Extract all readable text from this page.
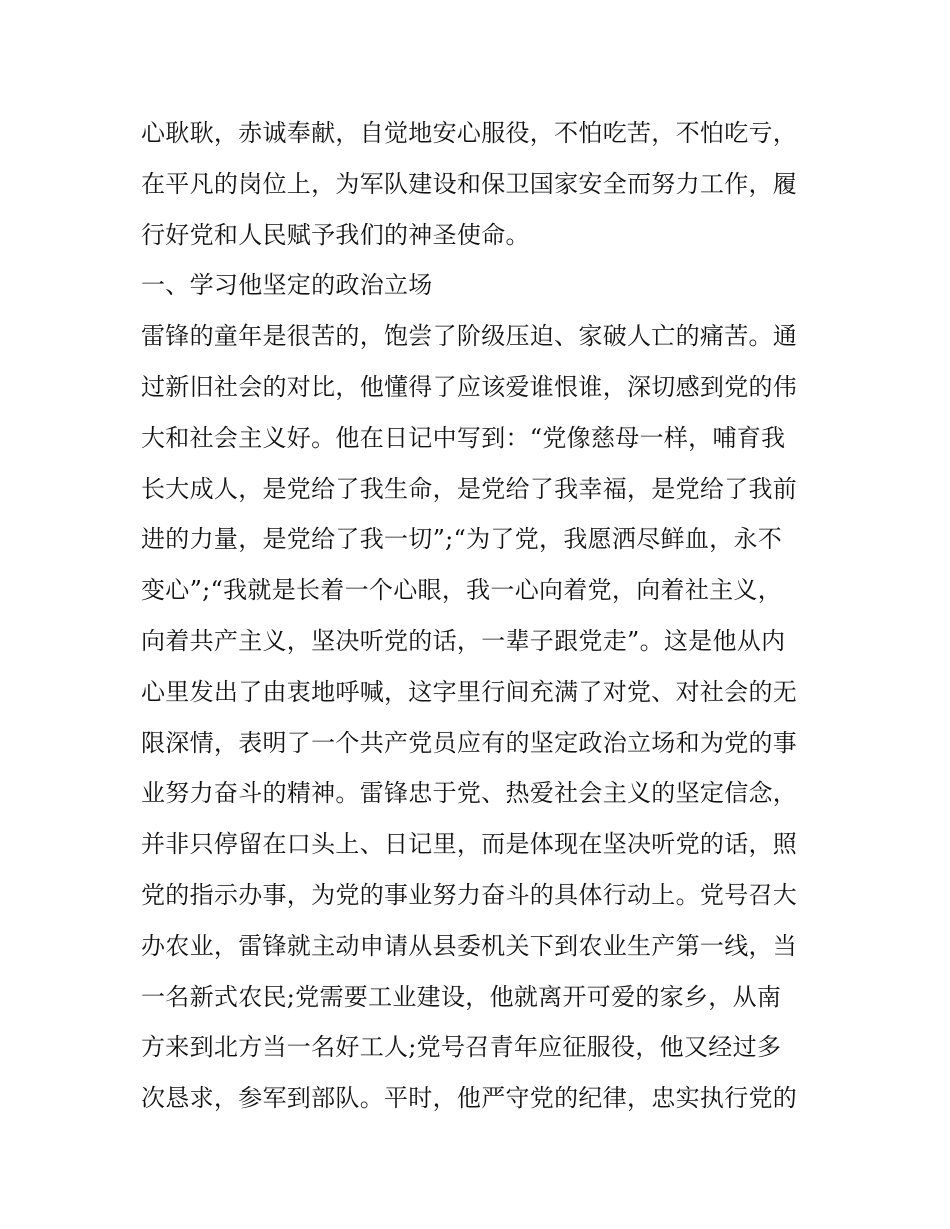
心耿耿，赤诚奉献，自觉地安心服役，不怕吃苦，不怕吃亏，
在平凡的岗位上，为军队建设和保卫国家安全而努力工作，履
行好党和人民赋予我们的神圣使命。
一、学习他坚定的政治立场
雷锋的童年是很苦的，饱尝了阶级压迫、家破人亡的痛苦。通
过新旧社会的对比，他懂得了应该爱谁恨谁，深切感到党的伟
大和社会主义好。他在日记中写到：“党像慈母一样，哺育我
长大成人，是党给了我生命，是党给了我幸福，是党给了我前
进的力量，是党给了我一切”;“为了党，我愿洒尽鲜血，永不
变心”;“我就是长着一个心眼，我一心向着党，向着社主义，
向着共产主义，坚决听党的话，一辈子跟党走”。这是他从内
心里发出了由衷地呼喊，这字里行间充满了对党、对社会的无
限深情，表明了一个共产党员应有的坚定政治立场和为党的事
业努力奋斗的精神。雷锋忠于党、热爱社会主义的坚定信念，
并非只停留在口头上、日记里，而是体现在坚决听党的话，照
党的指示办事，为党的事业努力奋斗的具体行动上。党号召大
办农业，雷锋就主动申请从县委机关下到农业生产第一线，当
一名新式农民;党需要工业建设，他就离开可爱的家乡，从南
方来到北方当一名好工人;党号召青年应征服役，他又经过多
次恳求，参军到部队。平时，他严守党的纪律，忠实执行党的
